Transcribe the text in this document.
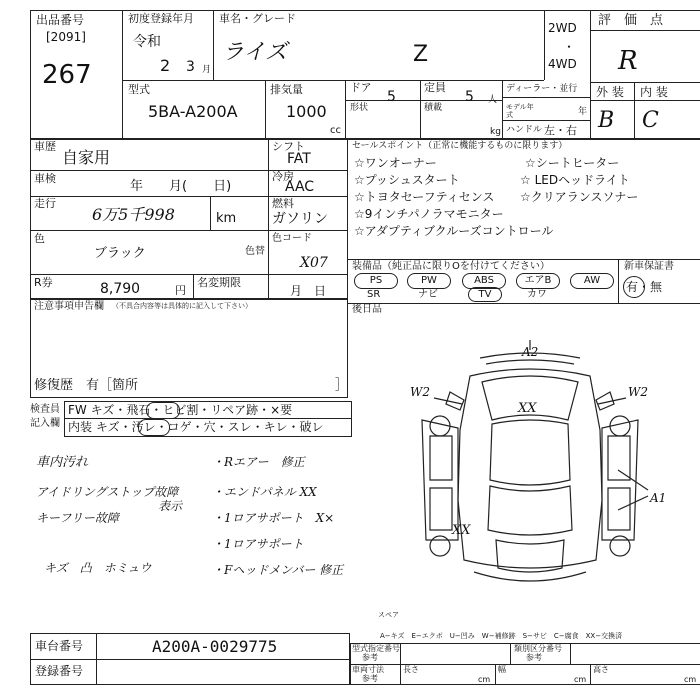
出品番号
[2091]
267
初度登録年月
令和
2 3 月
車名・グレード
ライズ	Z
2WD
・
4WD
評　価　点
R
外 装 内 装
B C
型式
5BA-A200A
排気量
1000
cc
ドア
5
形状
定員
5 人
積載
kg
ディーラー・並行
モデル年式	年
ハンドル 左・右
車歴
自家用
シフト
FAT
車検
年　　月(　　日)
冷房
AAC
走行
6万5千998	km
燃料
ガソリン
色
ブラック	色替
色コード
X07
R券	8,790	円
名変期限
月　日
セールスポイント（正常に機能するものに限ります）
☆ワンオーナー	☆シートヒーター
☆プッシュスタート	☆ LEDヘッドライト
☆トヨタセーフティセンス ☆クリアランスソナー
☆9インチパノラマモニター
☆アダプティブクルーズコントロール
装備品（純正品に限りOを付けてください）	新車保証書
PS	PW	ABS	エアB	AW
SR	ナビ	TV	カワ
有・無
後日品
注意事項申告欄 （不具合内容等は具体的に記入して下さい）
修復歴　有［箇所	］
検査員
記入欄
FW キズ・飛石・ヒビ割・リペア跡・×要
内装 キズ・汚レ・コゲ・穴・スレ・キレ・破レ
車内汚れ
アイドリングストップ故障
表示
キーフリー故障
キズ　凸　ホミュウ
・Rエアー　修正
・エンドパネル XX
・1ロアサポート　X×
・1ロアサポート
・Fヘッドメンバー 修正
A2
W2	W2
XX
A1
XX
スペア
A−キズ　E−エクボ　U−凹み　W−補修跡　S−サビ　C−腐食　XX−交換済
車台番号	A200A-0029775
登録番号
型式指定番号
参考
類別区分番号
参考
車両寸法
参考
長さ
cm
幅
cm
高さ
cm
